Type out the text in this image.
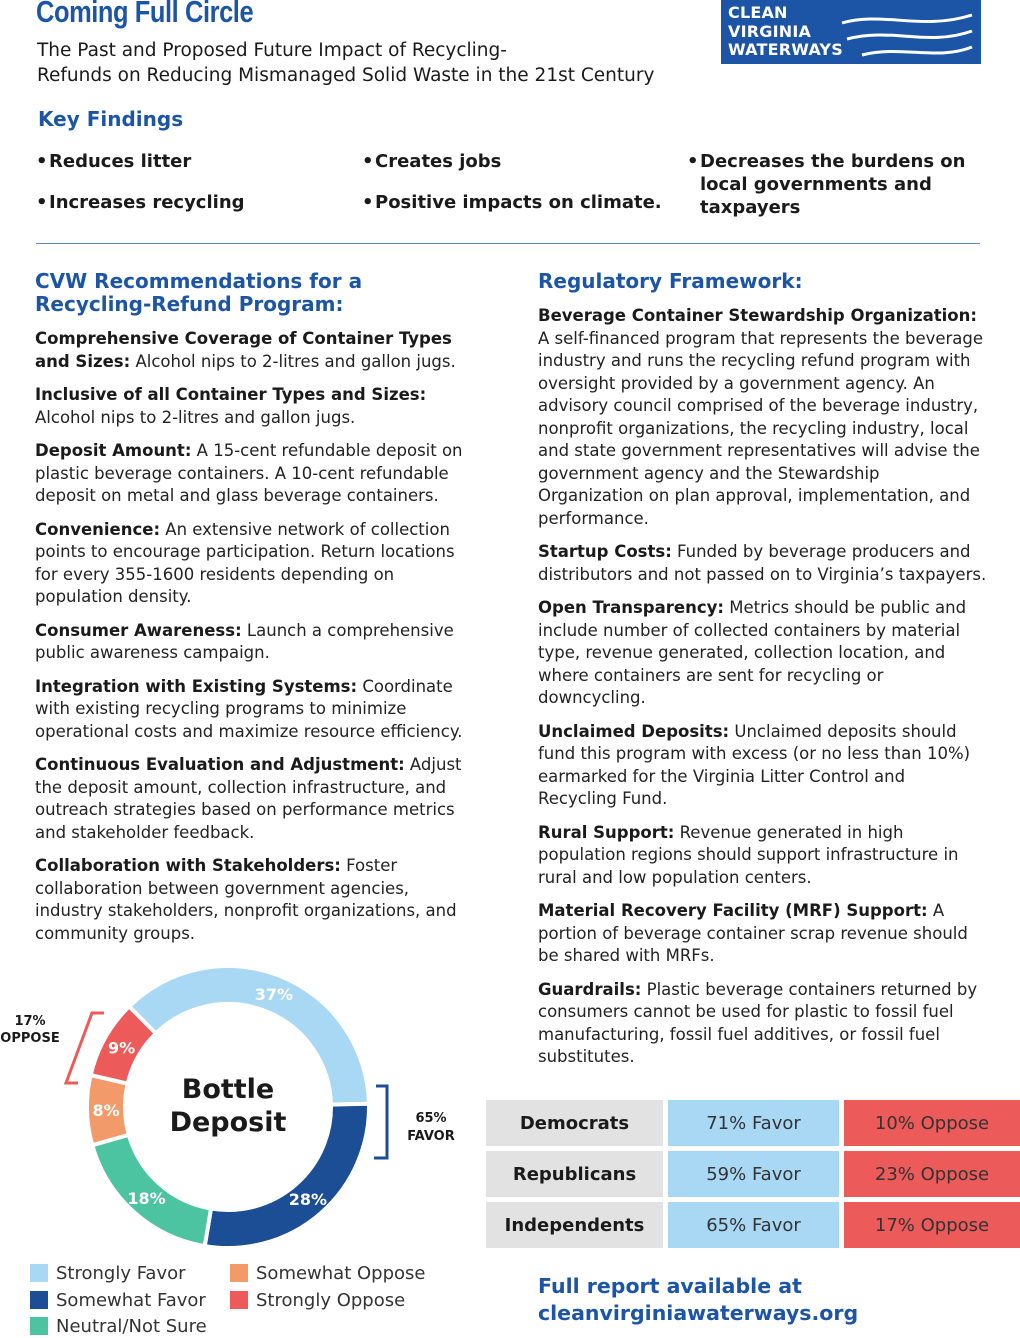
Coming Full Circle
The Past and Proposed Future Impact of Recycling-
Refunds on Reducing Mismanaged Solid Waste in the 21st Century
CLEAN
VIRGINIA
WATERWAYS
Key Findings
•Reduces litter
•Increases recycling
•Creates jobs
•Positive impacts on climate.
•Decreases the burdens on
local governments and
taxpayers
CVW Recommendations for a
Recycling-Refund Program:
Comprehensive Coverage of Container Types and Sizes: Alcohol nips to 2-litres and gallon jugs.
Inclusive of all Container Types and Sizes: Alcohol nips to 2-litres and gallon jugs.
Deposit Amount: A 15-cent refundable deposit on plastic beverage containers. A 10-cent refundable deposit on metal and glass beverage containers.
Convenience: An extensive network of collection points to encourage participation. Return locations for every 355-1600 residents depending on population density.
Consumer Awareness: Launch a comprehensive public awareness campaign.
Integration with Existing Systems: Coordinate with existing recycling programs to minimize operational costs and maximize resource efficiency.
Continuous Evaluation and Adjustment: Adjust the deposit amount, collection infrastructure, and outreach strategies based on performance metrics and stakeholder feedback.
Collaboration with Stakeholders: Foster collaboration between government agencies, industry stakeholders, nonprofit organizations, and community groups.
Regulatory Framework:
Beverage Container Stewardship Organization: A self-financed program that represents the beverage industry and runs the recycling refund program with oversight provided by a government agency. An advisory council comprised of the beverage industry, nonprofit organizations, the recycling industry, local and state government representatives will advise the government agency and the Stewardship Organization on plan approval, implementation, and performance.
Startup Costs: Funded by beverage producers and distributors and not passed on to Virginia’s taxpayers.
Open Transparency: Metrics should be public and include number of collected containers by material type, revenue generated, collection location, and where containers are sent for recycling or downcycling.
Unclaimed Deposits: Unclaimed deposits should fund this program with excess (or no less than 10%) earmarked for the Virginia Litter Control and Recycling Fund.
Rural Support: Revenue generated in high population regions should support infrastructure in rural and low population centers.
Material Recovery Facility (MRF) Support: A portion of beverage container scrap revenue should be shared with MRFs.
Guardrails: Plastic beverage containers returned by consumers cannot be used for plastic to fossil fuel manufacturing, fossil fuel additives, or fossil fuel substitutes.
37%
28%
18%
8%
9%
Bottle
Deposit
17%
OPPOSE
65%
FAVOR
Strongly Favor	Somewhat Oppose
Somewhat Favor	Strongly Oppose
Neutral/Not Sure
Democrats	71% Favor	10% Oppose
Republicans	59% Favor	23% Oppose
Independents	65% Favor	17% Oppose
Full report available at
cleanvirginiawaterways.org
